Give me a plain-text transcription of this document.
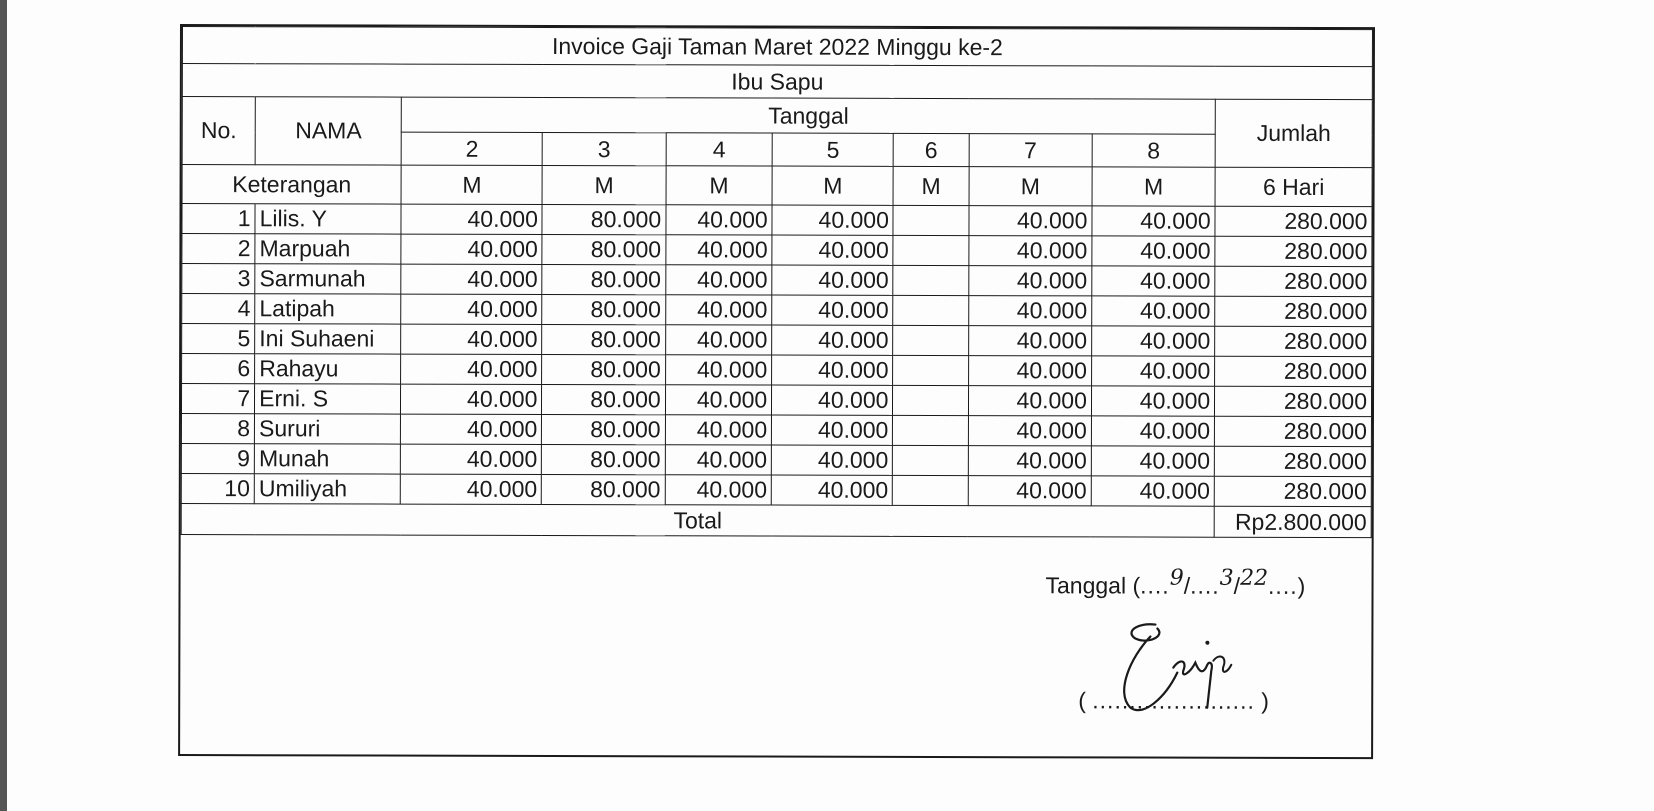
Invoice Gaji Taman Maret 2022 Minggu ke-2									
Ibu Sapu									
No.	NAMA	Tanggal							Jumlah
		2	3	4	5	6	7	8	
Keterangan		M	M	M	M	M	M	M	6 Hari
1	Lilis. Y	40.000	80.000	40.000	40.000		40.000	40.000	280.000
2	Marpuah	40.000	80.000	40.000	40.000		40.000	40.000	280.000
3	Sarmunah	40.000	80.000	40.000	40.000		40.000	40.000	280.000
4	Latipah	40.000	80.000	40.000	40.000		40.000	40.000	280.000
5	Ini Suhaeni	40.000	80.000	40.000	40.000		40.000	40.000	280.000
6	Rahayu	40.000	80.000	40.000	40.000		40.000	40.000	280.000
7	Erni. S	40.000	80.000	40.000	40.000		40.000	40.000	280.000
8	Sururi	40.000	80.000	40.000	40.000		40.000	40.000	280.000
9	Munah	40.000	80.000	40.000	40.000		40.000	40.000	280.000
10	Umiliyah	40.000	80.000	40.000	40.000		40.000	40.000	280.000
Total									Rp2.800.000
Tanggal (....9/....3/22....)
( ...................... )
